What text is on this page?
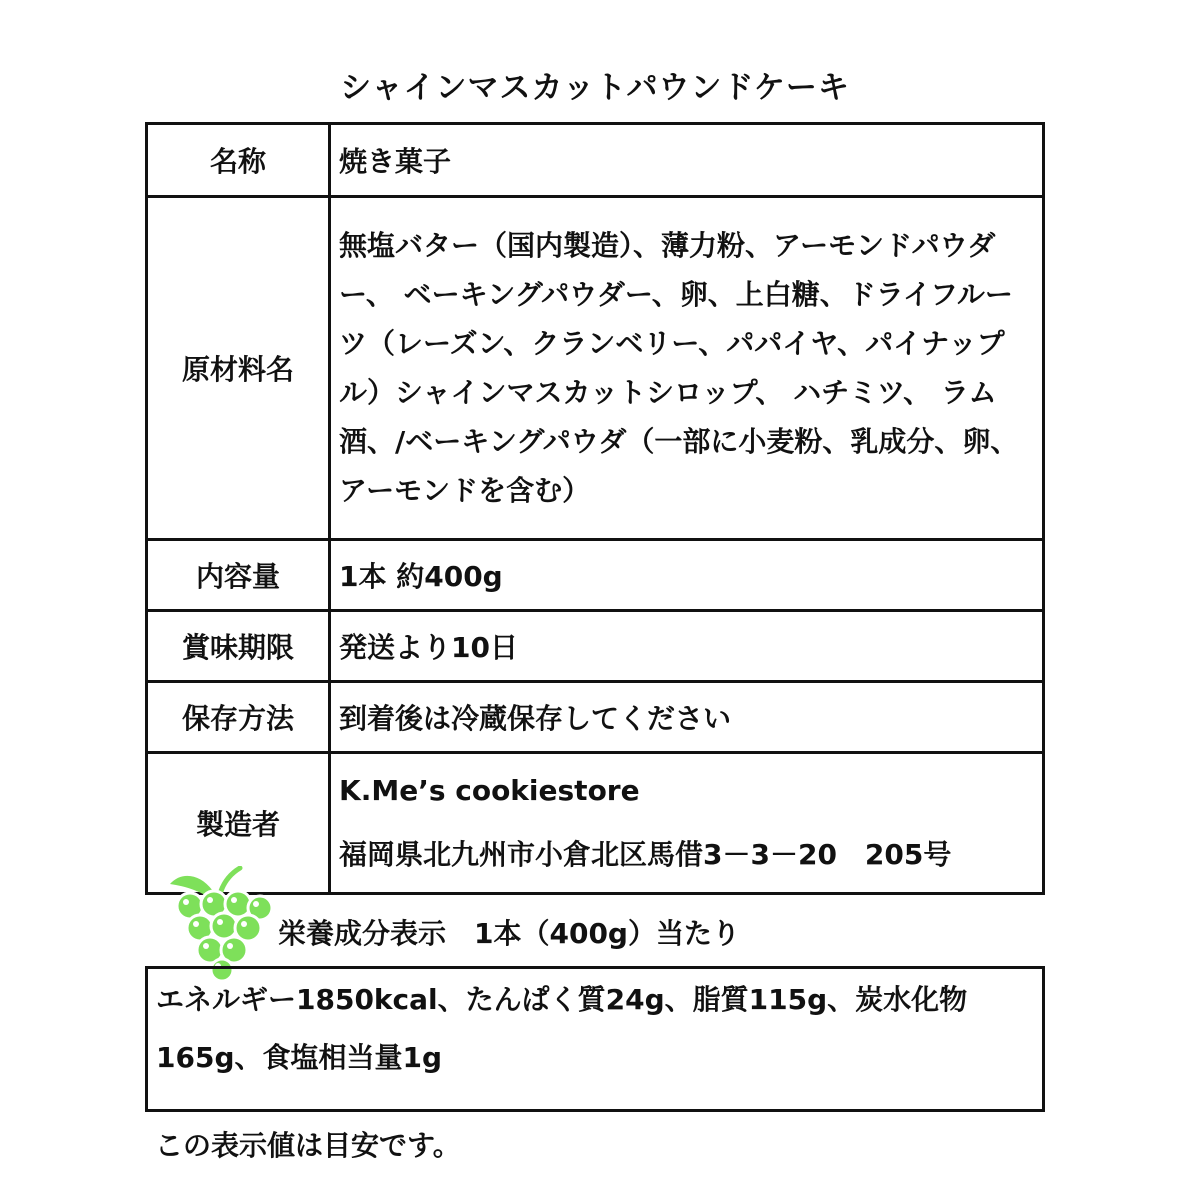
シャインマスカットパウンドケーキ
名称	焼き菓子
原材料名	無塩バター（国内製造）、薄力粉、アーモンドパウダー、 ベーキングパウダー、卵、上白糖、ドライフルーツ（レーズン、クランベリー、パパイヤ、パイナップル）シャインマスカットシロップ、 ハチミツ、 ラム酒、/ベーキングパウダ（一部に小麦粉、乳成分、卵、アーモンドを含む）

内容量	1本 約400g
賞味期限	発送より10日
保存方法	到着後は冷蔵保存してください
製造者	K.Me’s cookiestore
福岡県北九州市小倉北区馬借3－3－20　205号
栄養成分表示　1本（400g）当たり
エネルギー1850kcal、たんぱく質24g、脂質115g、炭水化物165g、食塩相当量1g
この表示値は目安です。
